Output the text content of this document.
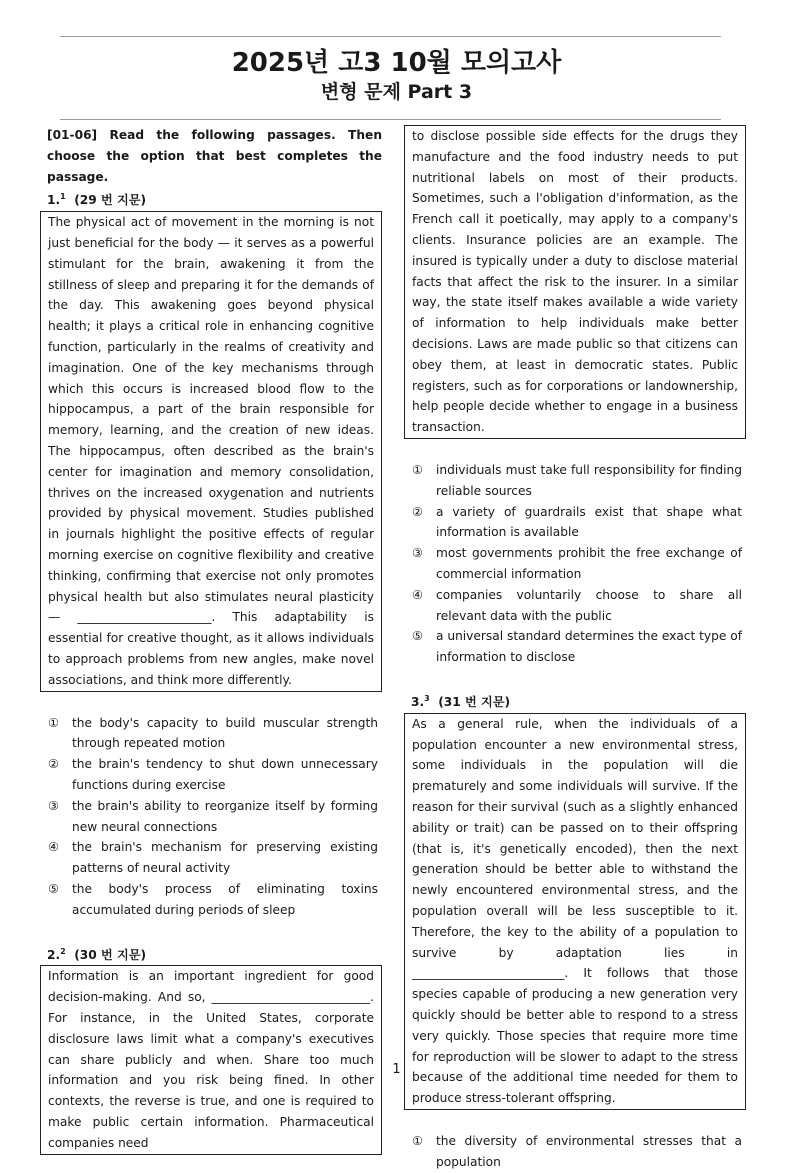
2025년 고3 10월 모의고사
변형 문제 Part 3

[01-06] Read the following passages. Then choose the option that best completes the passage.

1.$^1$ (29 번 지문)

The physical act of movement in the morning is not just beneficial for the body — it serves as a powerful stimulant for the brain, awakening it from the stillness of sleep and preparing it for the demands of the day. This awakening goes beyond physical health; it plays a critical role in enhancing cognitive function, particularly in the realms of creativity and imagination. One of the key mechanisms through which this occurs is increased blood flow to the hippocampus, a part of the brain responsible for memory, learning, and the creation of new ideas. The hippocampus, often described as the brain's center for imagination and memory consolidation, thrives on the increased oxygenation and nutrients provided by physical movement. Studies published in journals highlight the positive effects of regular morning exercise on cognitive flexibility and creative thinking, confirming that exercise not only promotes physical health but also stimulates neural plasticity — ______________________. This adaptability is essential for creative thought, as it allows individuals to approach problems from new angles, make novel associations, and think more differently.
①	the body's capacity to build muscular strength through repeated motion
②	the brain's tendency to shut down unnecessary functions during exercise
③	the brain's ability to reorganize itself by forming new neural connections
④	the brain's mechanism for preserving existing patterns of neural activity
⑤	the body's process of eliminating toxins accumulated during periods of sleep

2.$^2$ (30 번 지문)

Information is an important ingredient for good decision-making. And so, __________________________. For instance, in the United States, corporate disclosure laws limit what a company's executives can share publicly and when. Share too much information and you risk being fined. In other contexts, the reverse is true, and one is required to make public certain information. Pharmaceutical companies need
to disclose possible side effects for the drugs they manufacture and the food industry needs to put nutritional labels on most of their products. Sometimes, such a l'obligation d'information, as the French call it poetically, may apply to a company's clients. Insurance policies are an example. The insured is typically under a duty to disclose material facts that affect the risk to the insurer. In a similar way, the state itself makes available a wide variety of information to help individuals make better decisions. Laws are made public so that citizens can obey them, at least in democratic states. Public registers, such as for corporations or landownership, help people decide whether to engage in a business transaction.
①	individuals must take full responsibility for finding reliable sources
②	a variety of guardrails exist that shape what information is available
③	most governments prohibit the free exchange of commercial information
④	companies voluntarily choose to share all relevant data with the public
⑤	a universal standard determines the exact type of information to disclose

3.$^3$ (31 번 지문)

As a general rule, when the individuals of a population encounter a new environmental stress, some individuals in the population will die prematurely and some individuals will survive. If the reason for their survival (such as a slightly enhanced ability or trait) can be passed on to their offspring (that is, it's genetically encoded), then the next generation should be better able to withstand the newly encountered environmental stress, and the population overall will be less susceptible to it. Therefore, the key to the ability of a population to survive by adaptation lies in _________________________. It follows that those species capable of producing a new generation very quickly should be better able to respond to a stress very quickly. Those species that require more time for reproduction will be slower to adapt to the stress because of the additional time needed for them to produce stress-tolerant offspring.
①	the diversity of environmental stresses that a population
1
